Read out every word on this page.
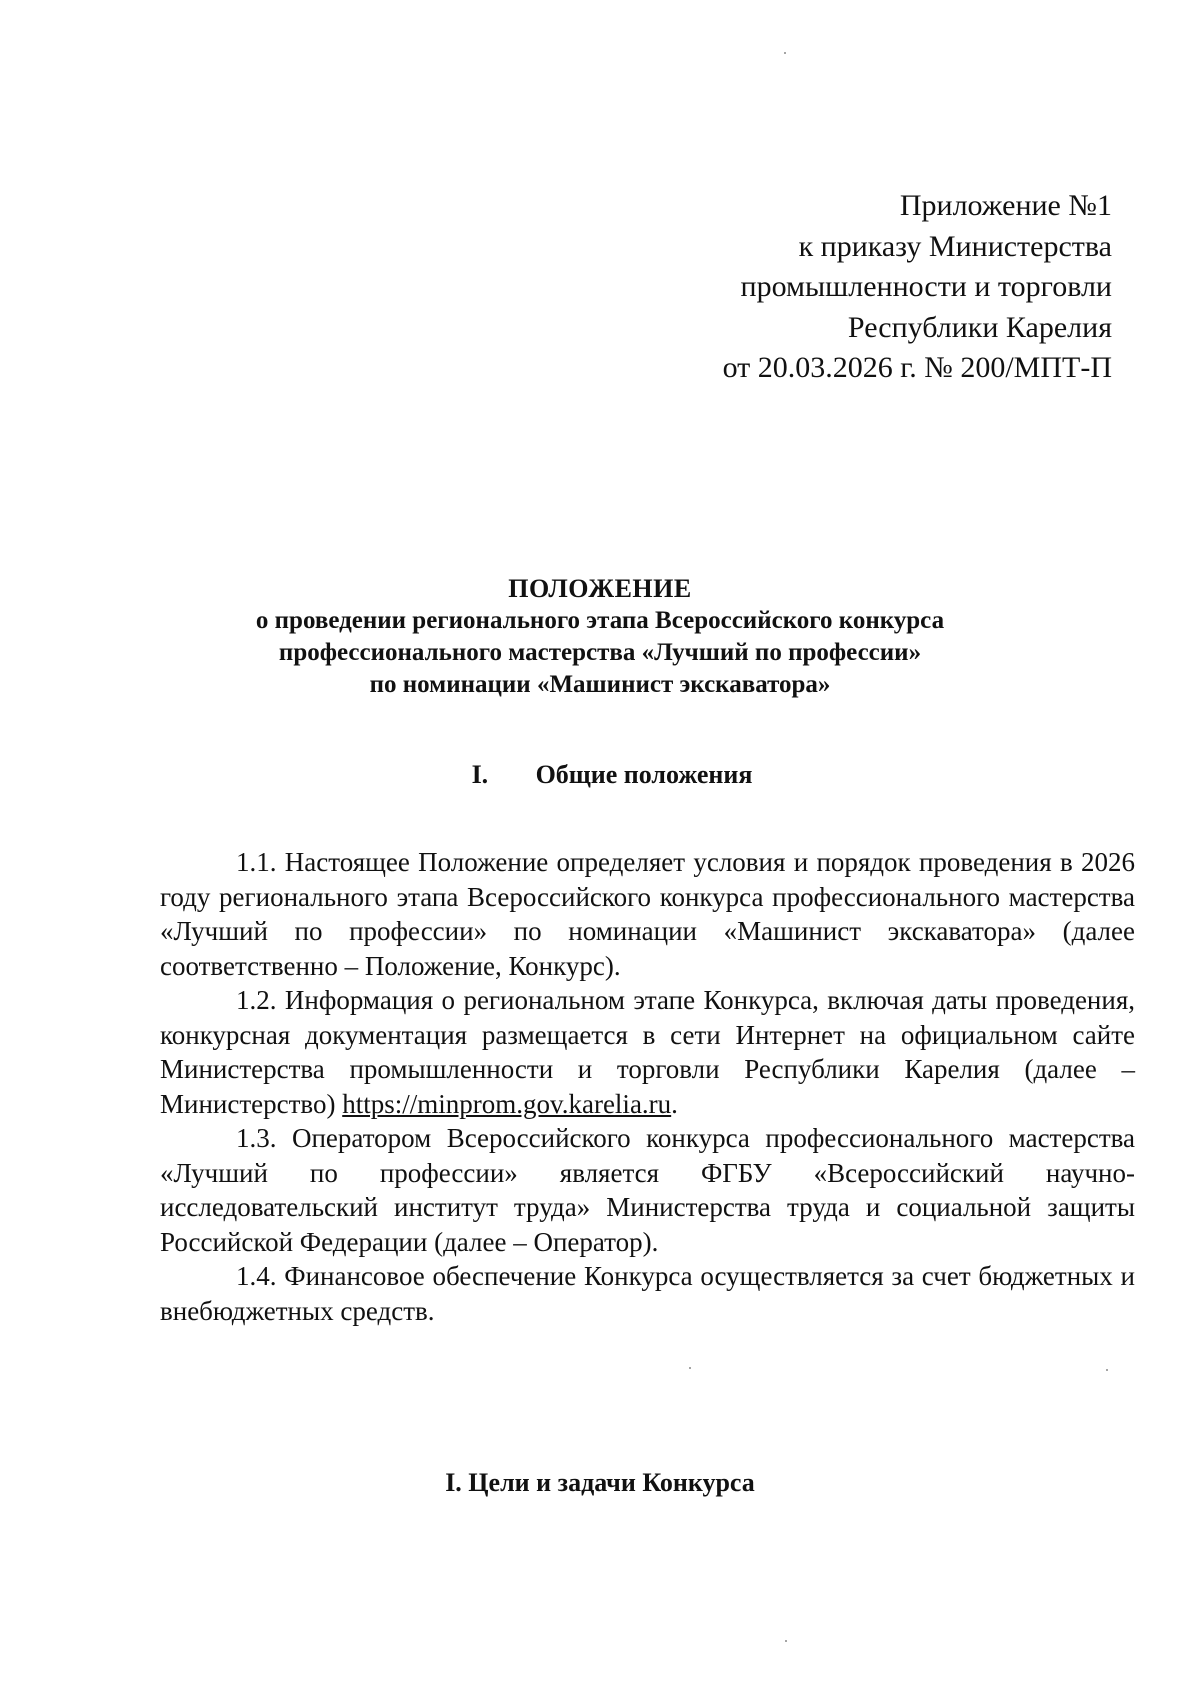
Приложение №1
к приказу Министерства
промышленности и торговли
Республики Карелия
от 20.03.2026 г. № 200/МПТ-П
ПОЛОЖЕНИЕ
о проведении регионального этапа Всероссийского конкурса
профессионального мастерства «Лучший по профессии»
по номинации «Машинист экскаватора»
I. Общие положения

1.1. Настоящее Положение определяет условия и порядок проведения в 2026 году регионального этапа Всероссийского конкурса профессионального мастерства «Лучший по профессии» по номинации «Машинист экскаватора» (далее соответственно – Положение, Конкурс).

1.2. Информация о региональном этапе Конкурса, включая даты проведения, конкурсная документация размещается в сети Интернет на официальном сайте Министерства промышленности и торговли Республики Карелия (далее – Министерство) https://minprom.gov.karelia.ru.

1.3. Оператором Всероссийского конкурса профессионального мастерства «Лучший по профессии» является ФГБУ «Всероссийский научно-исследовательский институт труда» Министерства труда и социальной защиты Российской Федерации (далее – Оператор).

1.4. Финансовое обеспечение Конкурса осуществляется за счет бюджетных и внебюджетных средств.

I. Цели и задачи Конкурса
